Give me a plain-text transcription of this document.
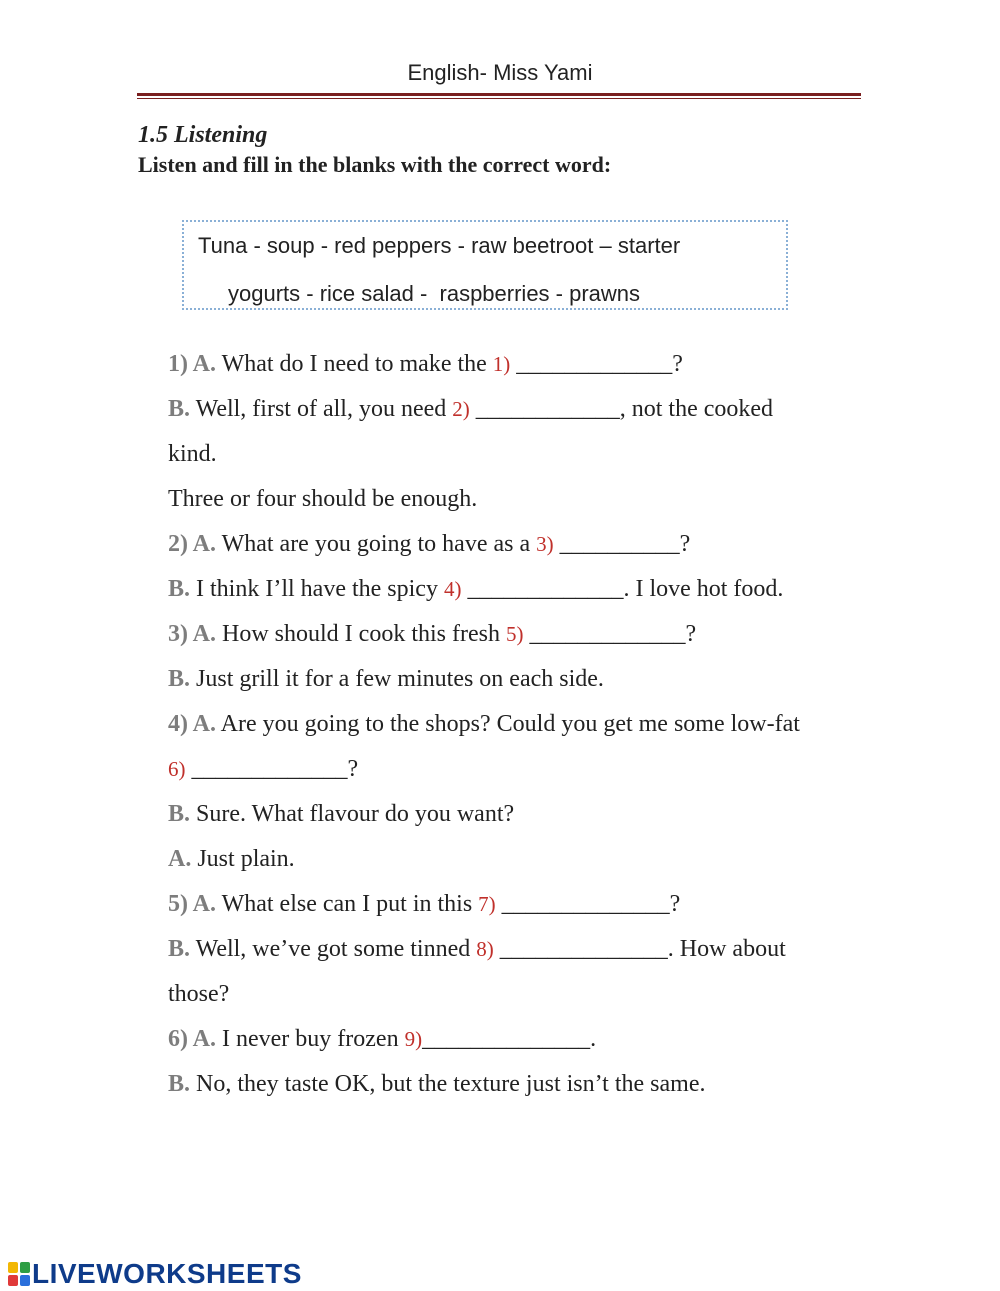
English- Miss Yami
1.5 Listening
Listen and fill in the blanks with the correct word:
Tuna - soup - red peppers - raw beetroot – starter
yogurts - rice salad -  raspberries - prawns
1) A. What do I need to make the 1) _____________?
B. Well, first of all, you need 2) ____________, not the cooked
kind.
Three or four should be enough.
2) A. What are you going to have as a 3) __________?
B. I think I’ll have the spicy 4) _____________. I love hot food.
3) A. How should I cook this fresh 5) _____________?
B. Just grill it for a few minutes on each side.
4) A. Are you going to the shops? Could you get me some low-fat
6) _____________?
B. Sure. What flavour do you want?
A. Just plain.
5) A. What else can I put in this 7) ______________?
B. Well, we’ve got some tinned 8) ______________. How about
those?
6) A. I never buy frozen 9)______________.
B. No, they taste OK, but the texture just isn’t the same.
LIVEWORKSHEETS
